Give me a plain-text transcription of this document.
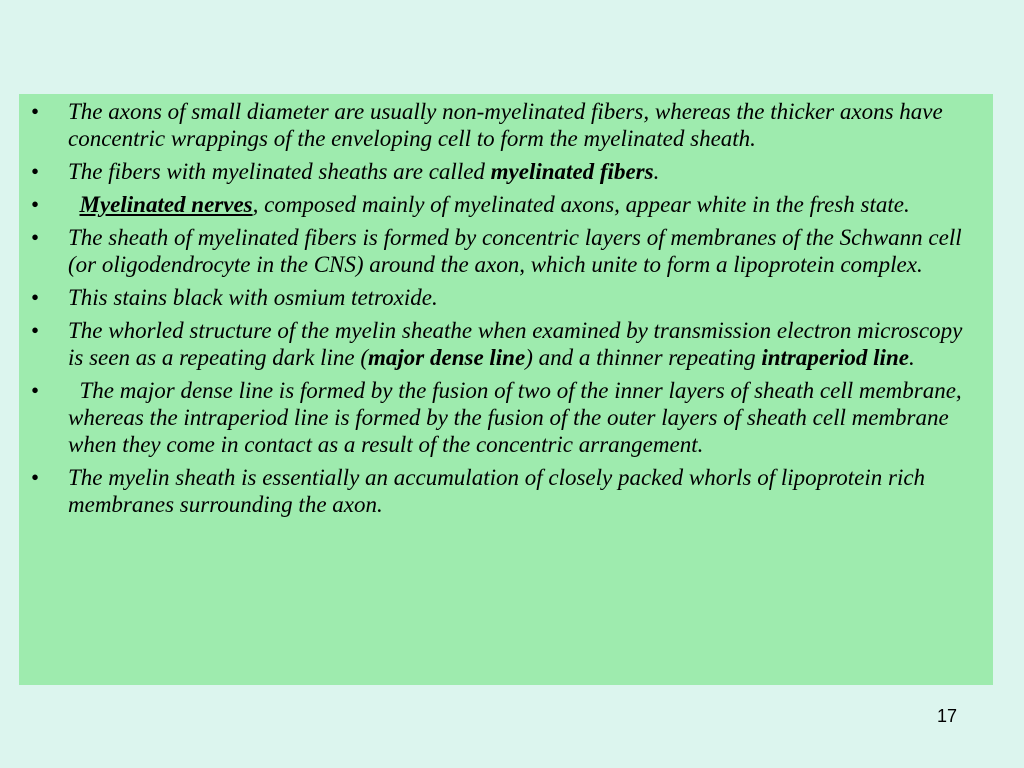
• The axons of small diameter are usually non-myelinated fibers, whereas the thicker axons have concentric wrappings of the enveloping cell to form the myelinated sheath.
• The fibers with myelinated sheaths are called myelinated fibers.
• Myelinated nerves, composed mainly of myelinated axons, appear white in the fresh state.
• The sheath of myelinated fibers is formed by concentric layers of membranes of the Schwann cell (or oligodendrocyte in the CNS) around the axon, which unite to form a lipoprotein complex.
• This stains black with osmium tetroxide.
• The whorled structure of the myelin sheathe when examined by transmission electron microscopy is seen as a repeating dark line (major dense line) and a thinner repeating intraperiod line.
• The major dense line is formed by the fusion of two of the inner layers of sheath cell membrane, whereas the intraperiod line is formed by the fusion of the outer layers of sheath cell membrane when they come in contact as a result of the concentric arrangement.
• The myelin sheath is essentially an accumulation of closely packed whorls of lipoprotein rich membranes surrounding the axon.
17
